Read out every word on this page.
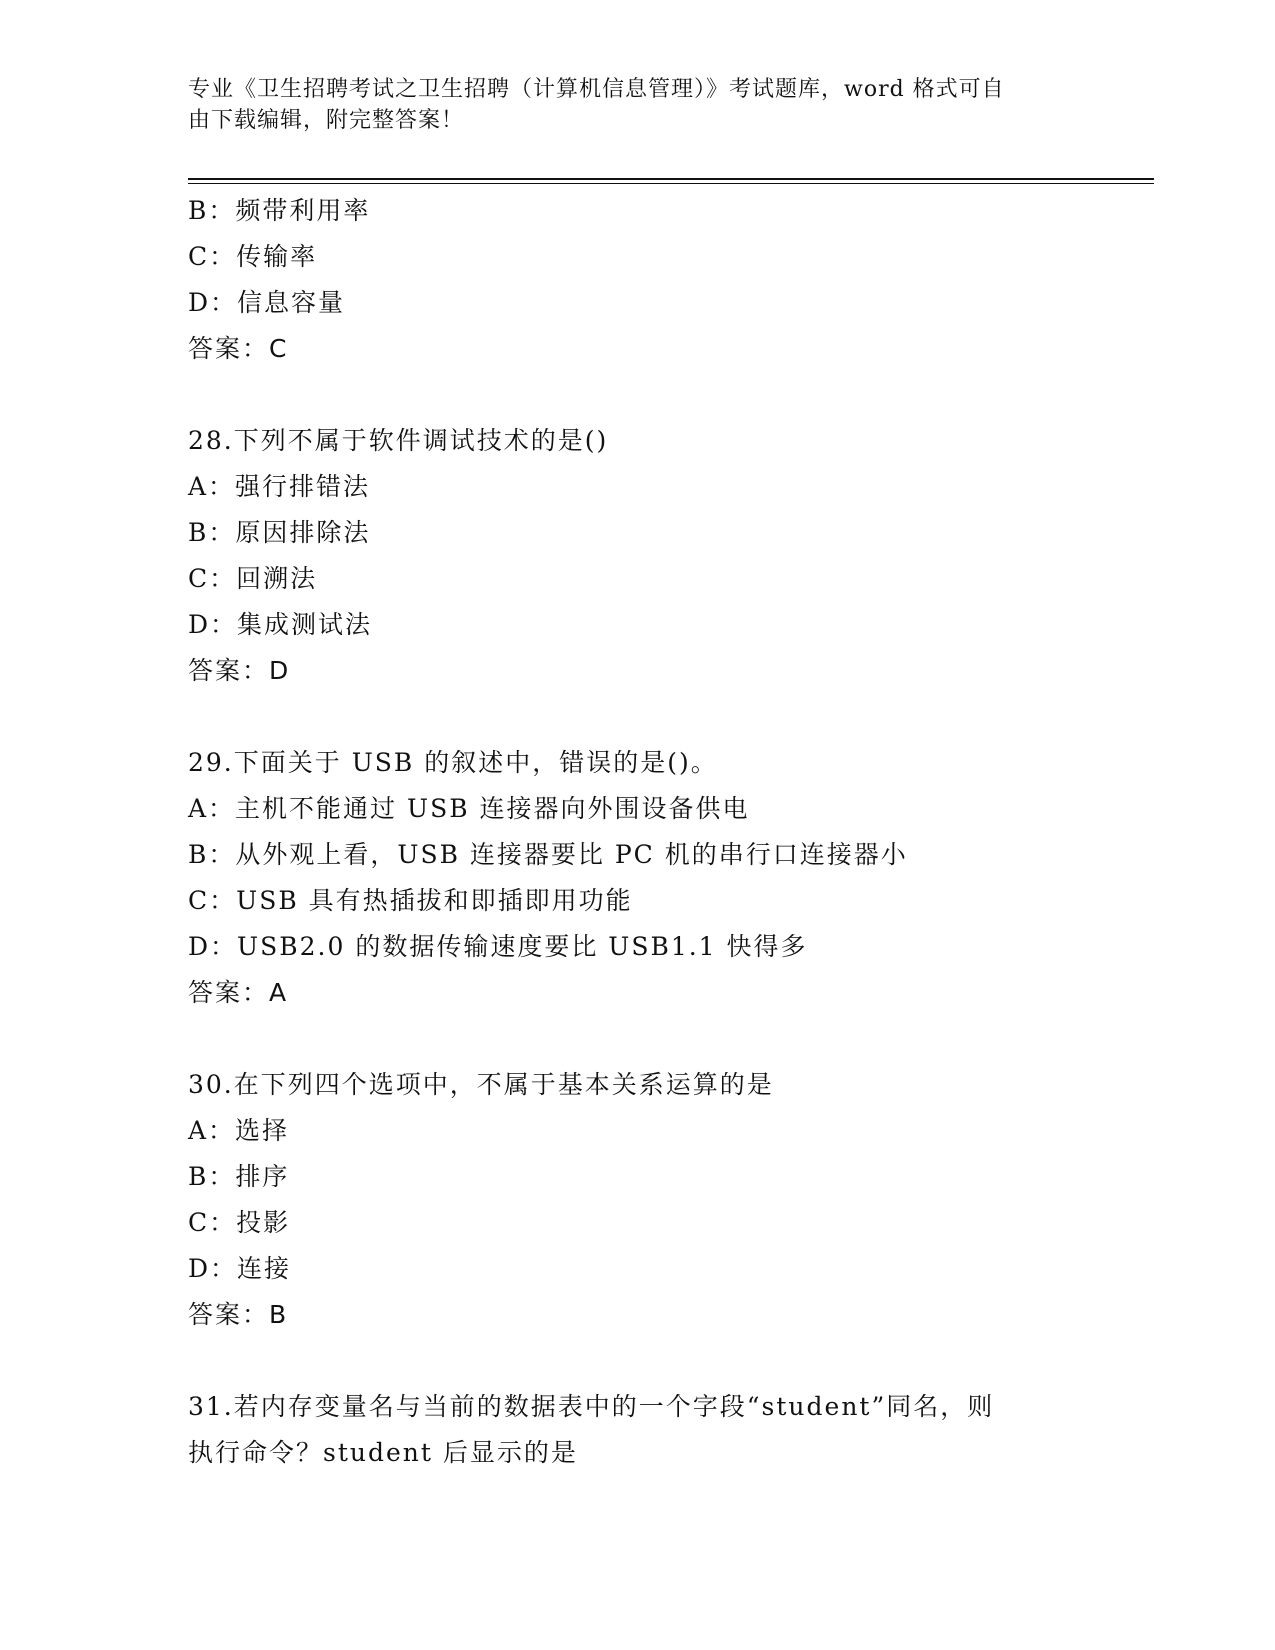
专业《卫生招聘考试之卫生招聘（计算机信息管理）》考试题库，word 格式可自
由下载编辑，附完整答案！
B：频带利用率
C：传输率
D：信息容量
答案：C
28.下列不属于软件调试技术的是()
A：强行排错法
B：原因排除法
C：回溯法
D：集成测试法
答案：D
29.下面关于 USB 的叙述中，错误的是()。
A：主机不能通过 USB 连接器向外围设备供电
B：从外观上看，USB 连接器要比 PC 机的串行口连接器小
C：USB 具有热插拔和即插即用功能
D：USB2.0 的数据传输速度要比 USB1.1 快得多
答案：A
30.在下列四个选项中，不属于基本关系运算的是
A：选择
B：排序
C：投影
D：连接
答案：B
31.若内存变量名与当前的数据表中的一个字段“student”同名，则
执行命令？student 后显示的是
